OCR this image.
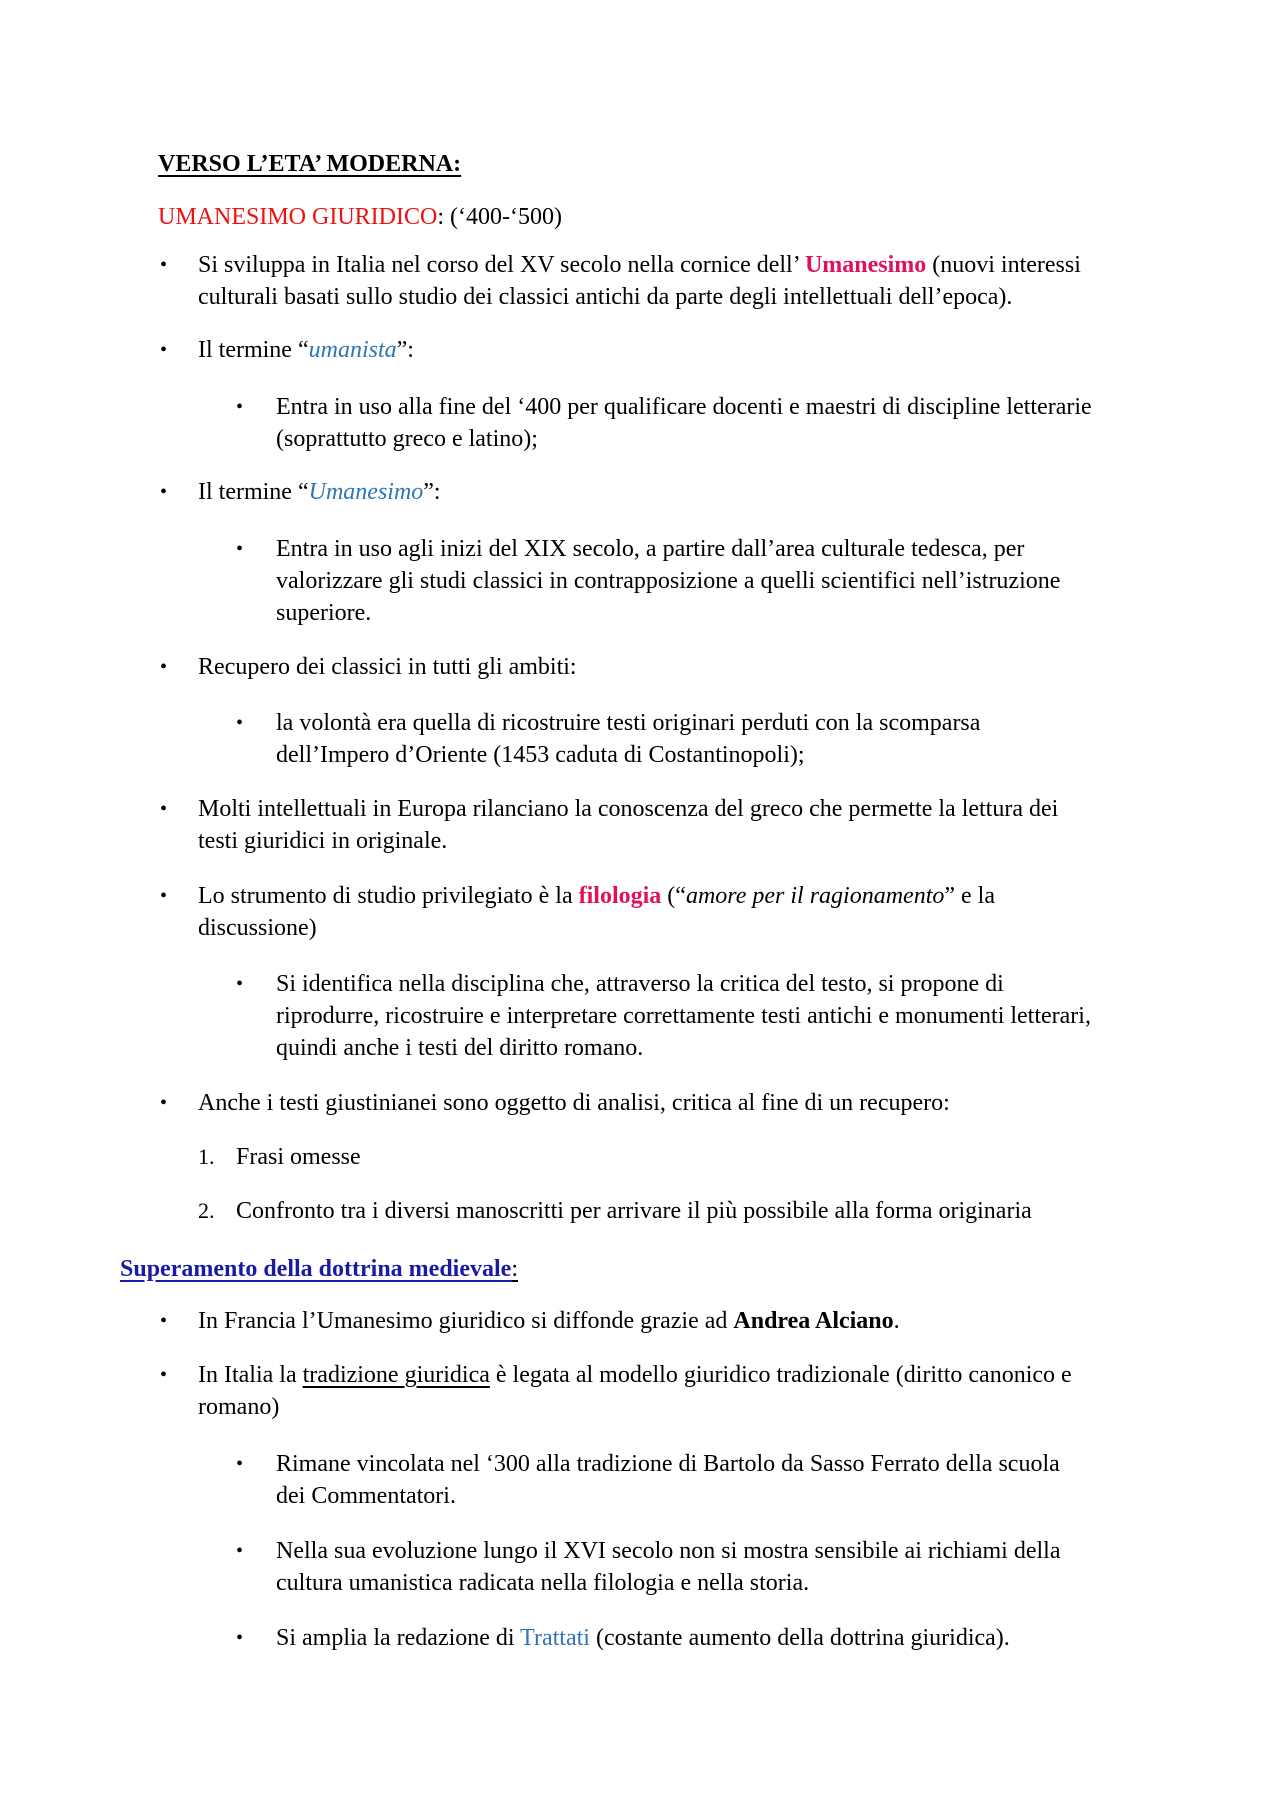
VERSO L’ETA’ MODERNA:
UMANESIMO GIURIDICO: (‘400-‘500)
• Si sviluppa in Italia nel corso del XV secolo nella cornice dell’ Umanesimo (nuovi interessi
culturali basati sullo studio dei classici antichi da parte degli intellettuali dell’epoca).
• Il termine “umanista”:
• Entra in uso alla fine del ‘400 per qualificare docenti e maestri di discipline letterarie
(soprattutto greco e latino);
• Il termine “Umanesimo”:
• Entra in uso agli inizi del XIX secolo, a partire dall’area culturale tedesca, per
valorizzare gli studi classici in contrapposizione a quelli scientifici nell’istruzione
superiore.
• Recupero dei classici in tutti gli ambiti:
• la volontà era quella di ricostruire testi originari perduti con la scomparsa
dell’Impero d’Oriente (1453 caduta di Costantinopoli);
• Molti intellettuali in Europa rilanciano la conoscenza del greco che permette la lettura dei
testi giuridici in originale.
• Lo strumento di studio privilegiato è la filologia (“amore per il ragionamento” e la
discussione)
• Si identifica nella disciplina che, attraverso la critica del testo, si propone di
riprodurre, ricostruire e interpretare correttamente testi antichi e monumenti letterari,
quindi anche i testi del diritto romano.
• Anche i testi giustinianei sono oggetto di analisi, critica al fine di un recupero:
1. Frasi omesse
2. Confronto tra i diversi manoscritti per arrivare il più possibile alla forma originaria
Superamento della dottrina medievale:
• In Francia l’Umanesimo giuridico si diffonde grazie ad Andrea Alciano.
• In Italia la tradizione giuridica è legata al modello giuridico tradizionale (diritto canonico e
romano)
• Rimane vincolata nel ‘300 alla tradizione di Bartolo da Sasso Ferrato della scuola
dei Commentatori.
• Nella sua evoluzione lungo il XVI secolo non si mostra sensibile ai richiami della
cultura umanistica radicata nella filologia e nella storia.
• Si amplia la redazione di Trattati (costante aumento della dottrina giuridica).
